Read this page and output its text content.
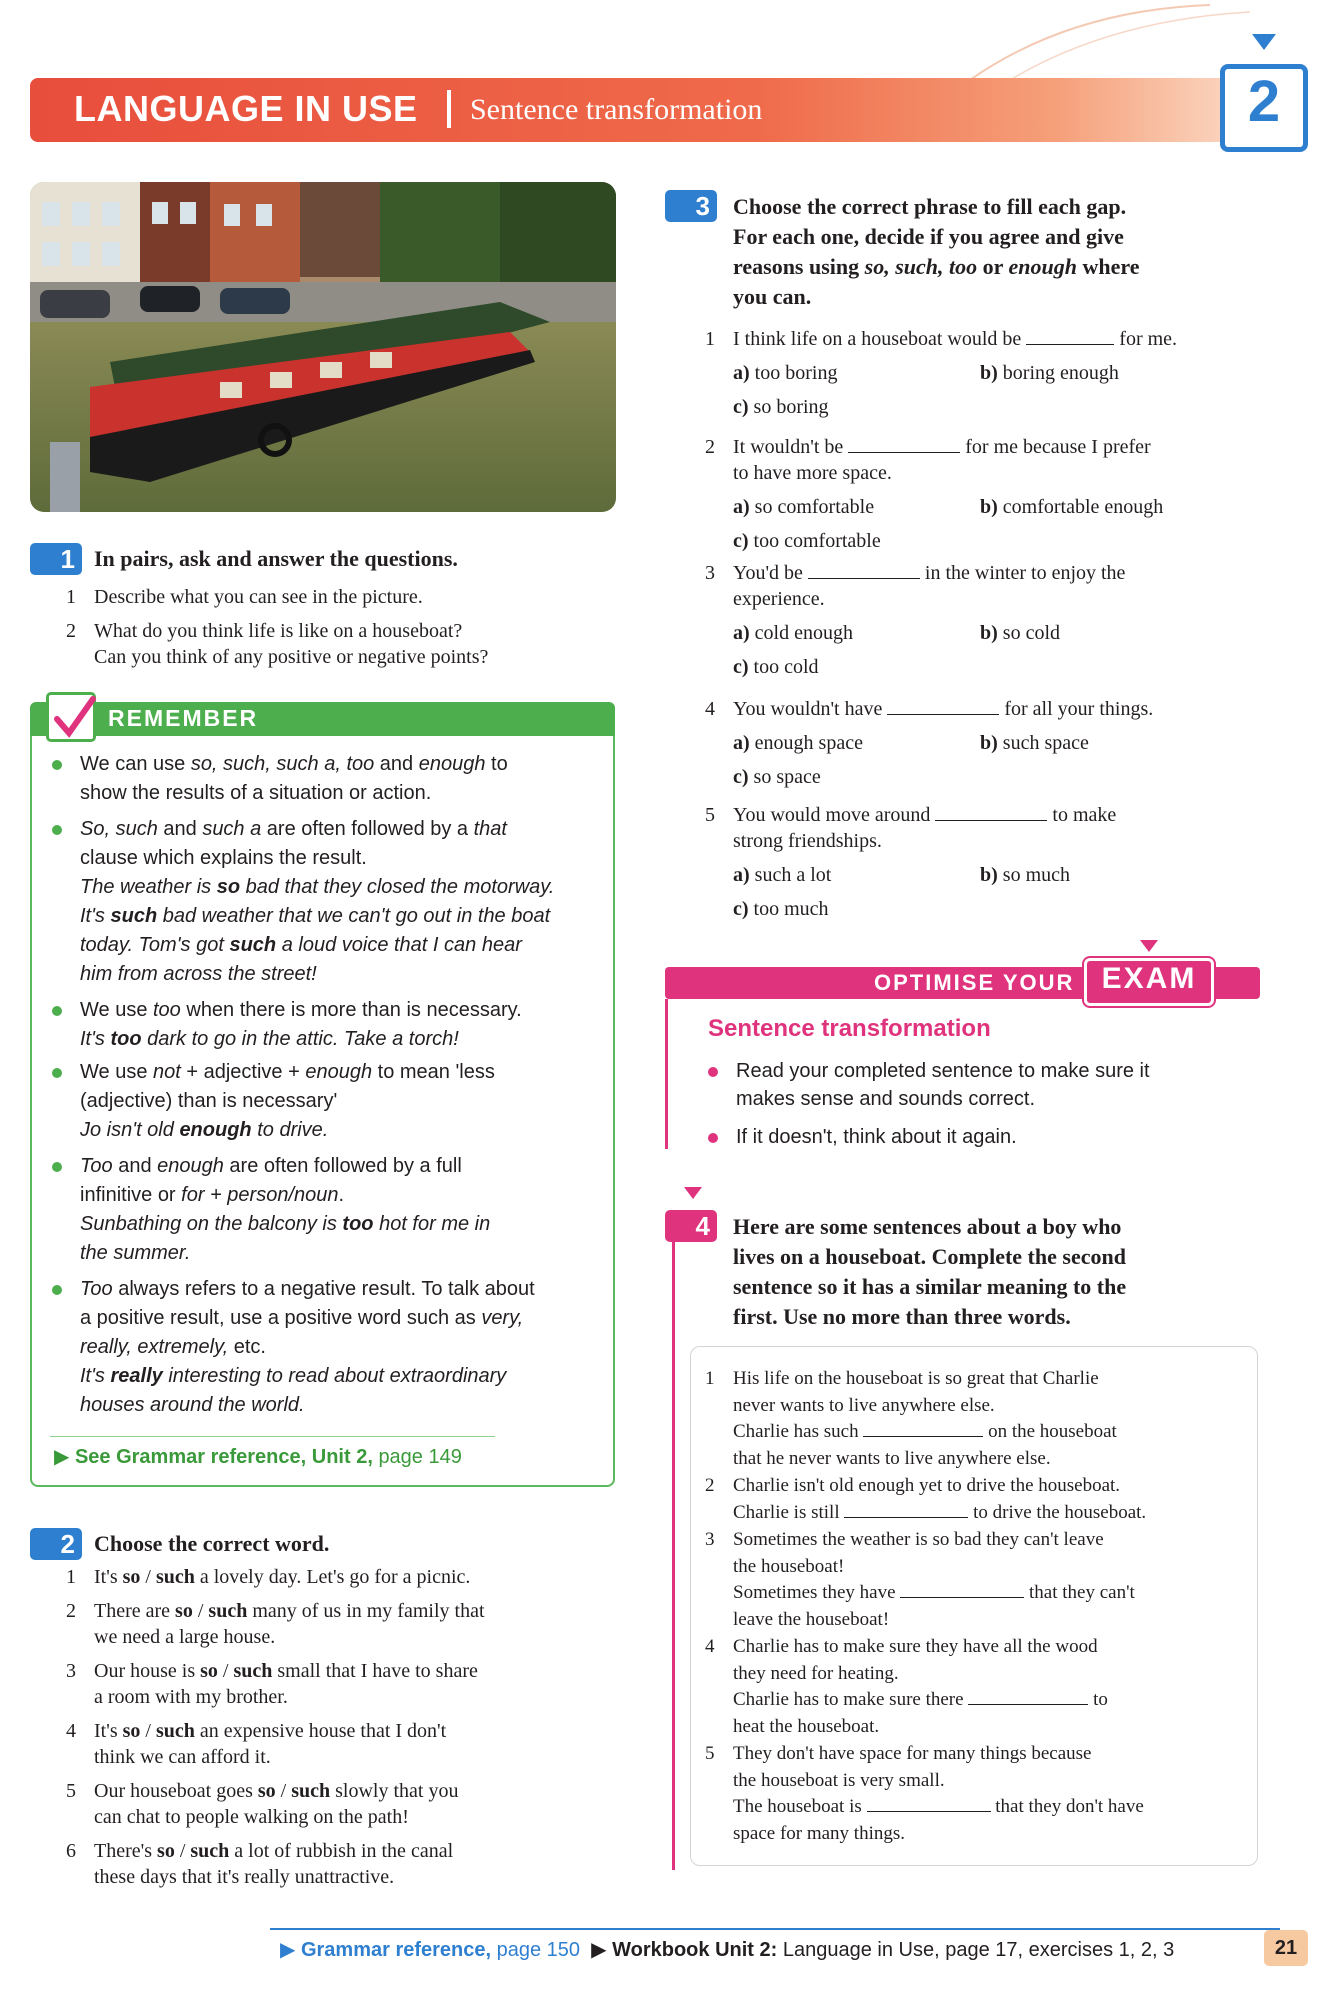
LANGUAGE IN USE Sentence transformation	2
1 In pairs, ask and answer the questions.
1 Describe what you can see in the picture.
2 What do you think life is like on a houseboat?
Can you think of any positive or negative points?
REMEMBER
We can use so, such, such a, too and enough to
show the results of a situation or action.
So, such and such a are often followed by a that
clause which explains the result.
The weather is so bad that they closed the motorway.
It's such bad weather that we can't go out in the boat
today. Tom's got such a loud voice that I can hear
him from across the street!
We use too when there is more than is necessary.
It's too dark to go in the attic. Take a torch!
We use not + adjective + enough to mean 'less
(adjective) than is necessary'
Jo isn't old enough to drive.
Too and enough are often followed by a full
infinitive or for + person/noun.
Sunbathing on the balcony is too hot for me in
the summer.
Too always refers to a negative result. To talk about
a positive result, use a positive word such as very,
really, extremely, etc.
It's really interesting to read about extraordinary
houses around the world.
▶ See Grammar reference, Unit 2, page 149
2 Choose the correct word.
1 It's so / such a lovely day. Let's go for a picnic.
2 There are so / such many of us in my family that
we need a large house.
3 Our house is so / such small that I have to share
a room with my brother.
4 It's so / such an expensive house that I don't
think we can afford it.
5 Our houseboat goes so / such slowly that you
can chat to people walking on the path!
6 There's so / such a lot of rubbish in the canal
these days that it's really unattractive.
3	Choose the correct phrase to fill each gap.
For each one, decide if you agree and give
reasons using so, such, too or enough where
you can.
1 I think life on a houseboat would be	for me.
a) too boring	b) boring enough
c) so boring
2 It wouldn't be	for me because I prefer
to have more space.
a) so comfortable	b) comfortable enough
c) too comfortable
3 You'd be	in the winter to enjoy the
experience.
a) cold enough	b) so cold
c) too cold
4 You wouldn't have	for all your things.
a) enough space	b) such space
c) so space
5 You would move around	to make
strong friendships.
a) such a lot	b) so much
c) too much
OPTIMISE YOUR EXAM
Sentence transformation
Read your completed sentence to make sure it
makes sense and sounds correct.
If it doesn't, think about it again.
4	Here are some sentences about a boy who
lives on a houseboat. Complete the second
sentence so it has a similar meaning to the
first. Use no more than three words.
1 His life on the houseboat is so great that Charlie
never wants to live anywhere else.
Charlie has such	on the houseboat
that he never wants to live anywhere else.
2 Charlie isn't old enough yet to drive the houseboat.
Charlie is still	to drive the houseboat.
3 Sometimes the weather is so bad they can't leave
the houseboat!
Sometimes they have	that they can't
leave the houseboat!
4 Charlie has to make sure they have all the wood
they need for heating.
Charlie has to make sure there	to
heat the houseboat.
5 They don't have space for many things because
the houseboat is very small.
The houseboat is	that they don't have
space for many things.
▶ Grammar reference, page 150  ▶ Workbook Unit 2: Language in Use, page 17, exercises 1, 2, 3	21
